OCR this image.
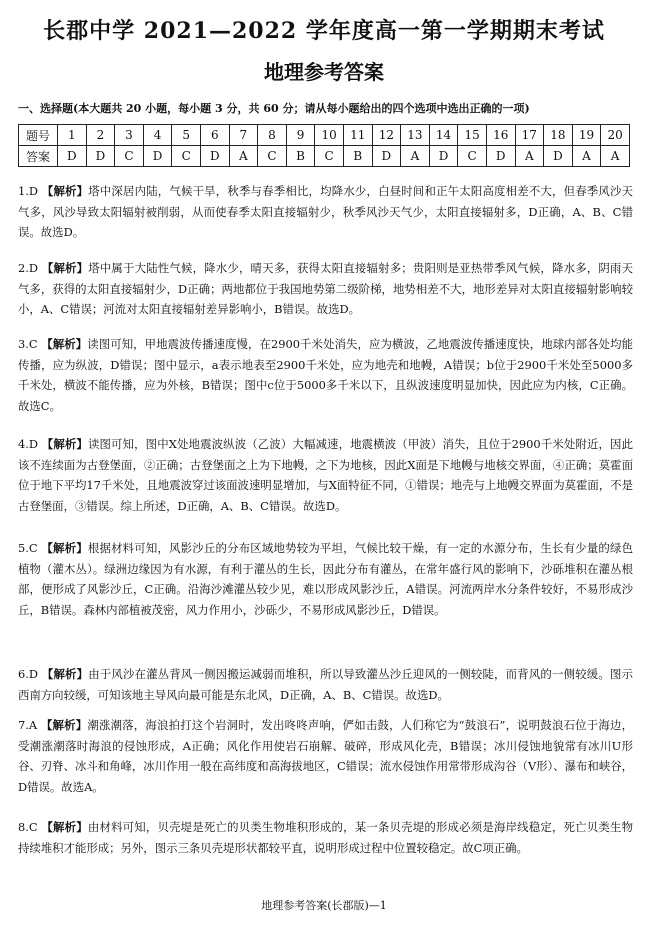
长郡中学 2021—2022 学年度高一第一学期期末考试
地理参考答案
一、选择题(本大题共 20 小题，每小题 3 分，共 60 分；请从每小题给出的四个选项中选出正确的一项)
题号	1	2	3	4	5	6	7	8	9	10	11	12	13	14	15	16	17	18	19	20
答案	D	D	C	D	C	D	A	C	B	C	B	D	A	D	C	D	A	D	A	A
1.D 【解析】塔中深居内陆，气候干旱，秋季与春季相比，均降水少，白昼时间和正午太阳高度相差不大，但春季风沙天气多，风沙导致太阳辐射被削弱，从而使春季太阳直接辐射少，秋季风沙天气少，太阳直接辐射多，D正确，A、B、C错误。故选D。
2.D 【解析】塔中属于大陆性气候，降水少，晴天多，获得太阳直接辐射多；贵阳则是亚热带季风气候，降水多，阴雨天气多，获得的太阳直接辐射少，D正确；两地都位于我国地势第二级阶梯，地势相差不大，地形差异对太阳直接辐射影响较小，A、C错误；河流对太阳直接辐射差异影响小，B错误。故选D。
3.C 【解析】读图可知，甲地震波传播速度慢，在2900千米处消失，应为横波，乙地震波传播速度快，地球内部各处均能传播，应为纵波，D错误；图中显示，a表示地表至2900千米处，应为地壳和地幔，A错误；b位于2900千米处至5000多千米处，横波不能传播，应为外核，B错误；图中c位于5000多千米以下，且纵波速度明显加快，因此应为内核，C正确。故选C。
4.D 【解析】读图可知，图中X处地震波纵波（乙波）大幅减速，地震横波（甲波）消失，且位于2900千米处附近，因此该不连续面为古登堡面，②正确；古登堡面之上为下地幔，之下为地核，因此X面是下地幔与地核交界面，④正确；莫霍面位于地下平均17千米处，且地震波穿过该面波速明显增加，与X面特征不同，①错误；地壳与上地幔交界面为莫霍面，不是古登堡面，③错误。综上所述，D正确，A、B、C错误。故选D。
5.C 【解析】根据材料可知，风影沙丘的分布区域地势较为平坦，气候比较干燥，有一定的水源分布，生长有少量的绿色植物（灌木丛）。绿洲边缘因为有水源，有利于灌丛的生长，因此分布有灌丛，在常年盛行风的影响下，沙砾堆积在灌丛根部，便形成了风影沙丘，C正确。沿海沙滩灌丛较少见，难以形成风影沙丘，A错误。河流两岸水分条件较好，不易形成沙丘，B错误。森林内部植被茂密，风力作用小，沙砾少，不易形成风影沙丘，D错误。
6.D 【解析】由于风沙在灌丛背风一侧因搬运减弱而堆积，所以导致灌丛沙丘迎风的一侧较陡，而背风的一侧较缓。图示西南方向较缓，可知该地主导风向最可能是东北风，D正确，A、B、C错误。故选D。
7.A 【解析】潮涨潮落，海浪拍打这个岩洞时，发出咚咚声响，俨如击鼓，人们称它为“鼓浪石”，说明鼓浪石位于海边，受潮涨潮落时海浪的侵蚀形成，A正确；风化作用使岩石崩解、破碎，形成风化壳，B错误；冰川侵蚀地貌常有冰川U形谷、刃脊、冰斗和角峰，冰川作用一般在高纬度和高海拔地区，C错误；流水侵蚀作用常带形成沟谷（V形）、瀑布和峡谷，D错误。故选A。
8.C 【解析】由材料可知，贝壳堤是死亡的贝类生物堆积形成的，某一条贝壳堤的形成必须是海岸线稳定，死亡贝类生物持续堆积才能形成；另外，图示三条贝壳堤形状都较平直，说明形成过程中位置较稳定。故C项正确。
地理参考答案(长郡版)—1
